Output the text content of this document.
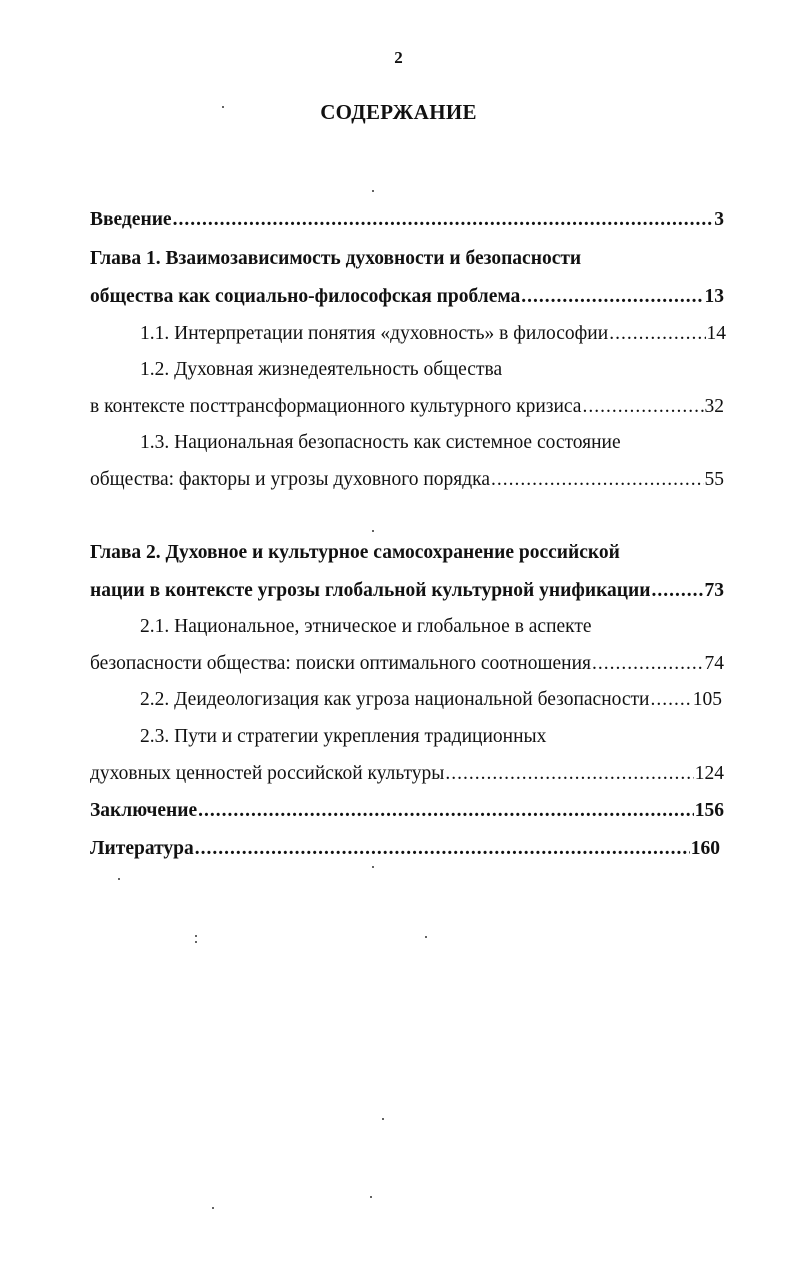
2
СОДЕРЖАНИЕ
Введение .....	3
Глава 1. Взаимозависимость духовности и безопасности
общества как социально-философская проблема .....	13
1.1. Интерпретации понятия «духовность» в философии .....	14
1.2. Духовная жизнедеятельность общества
в контексте посттрансформационного культурного кризиса .....	32
1.3. Национальная безопасность как системное состояние
общества: факторы и угрозы духовного порядка .....	55
Глава 2. Духовное и культурное самосохранение российской
нации в контексте угрозы глобальной культурной унификации .....	73
2.1. Национальное, этническое и глобальное в аспекте
безопасности общества: поиски оптимального соотношения .....	74
2.2. Деидеологизация как угроза национальной безопасности ..... 105
2.3. Пути и стратегии укрепления традиционных
духовных ценностей российской культуры .....	124
Заключение .....	156
Литература .....	160
